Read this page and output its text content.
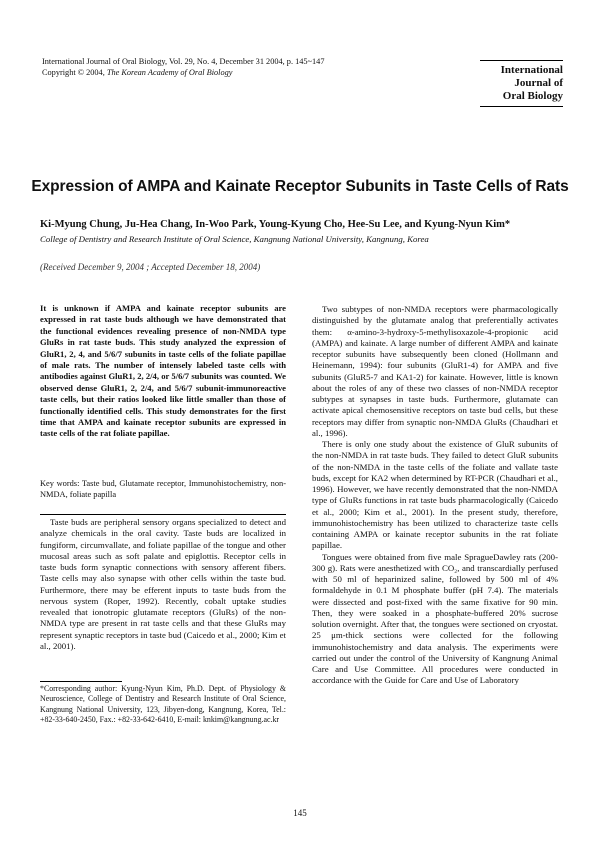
International Journal of Oral Biology, Vol. 29, No. 4, December 31 2004, p. 145~147
Copyright © 2004, The Korean Academy of Oral Biology	International
Journal of
Oral Biology
Expression of AMPA and Kainate Receptor Subunits in Taste Cells of Rats
Ki-Myung Chung, Ju-Hea Chang, In-Woo Park, Young-Kyung Cho, Hee-Su Lee, and Kyung-Nyun Kim*
College of Dentistry and Research Institute of Oral Science, Kangnung National University, Kangnung, Korea
(Received December 9, 2004 ; Accepted December 18, 2004)
It is unknown if AMPA and kainate receptor subunits are expressed in rat taste buds although we have demonstrated that the functional evidences revealing presence of non-NMDA type GluRs in rat taste buds. This study analyzed the expression of GluR1, 2, 4, and 5/6/7 subunits in taste cells of the foliate papillae of male rats. The number of intensely labeled taste cells with antibodies against GluR1, 2, 2/4, or 5/6/7 subunits was counted. We observed dense GluR1, 2, 2/4, and 5/6/7 subunit-immunoreactive taste cells, but their ratios looked like little smaller than those of functionally identified cells. This study demonstrates for the first time that AMPA and kainate receptor subunits are expressed in taste cells of the rat foliate papillae.
Key words: Taste bud, Glutamate receptor, Immunohistochemistry, non-NMDA, foliate papilla

Taste buds are peripheral sensory organs specialized to detect and analyze chemicals in the oral cavity. Taste buds are localized in fungiform, circumvallate, and foliate papillae of the tongue and other mucosal areas such as soft palate and epiglottis. Receptor cells in taste buds form synaptic connections with sensory afferent fibers. Taste cells may also synapse with other cells within the taste bud. Furthermore, there may be efferent inputs to taste buds from the nervous system (Roper, 1992). Recently, cobalt uptake studies revealed that ionotropic glutamate receptors (GluRs) of the non-NMDA type are present in rat taste cells and that these GluRs may represent synaptic receptors in taste bud (Caicedo et al., 2000; Kim et al., 2001).

*Corresponding author: Kyung-Nyun Kim, Ph.D. Dept. of Physiology & Neuroscience, College of Dentistry and Research Institute of Oral Science, Kangnung National University, 123, Jibyen-dong, Kangnung, Korea, Tel.: +82-33-640-2450, Fax.: +82-33-642-6410, E-mail: knkim@kangnung.ac.kr

Two subtypes of non-NMDA receptors were pharmacologically distinguished by the glutamate analog that preferentially activates them: α-amino-3-hydroxy-5-methylisoxazole-4-propionic acid (AMPA) and kainate. A large number of different AMPA and kainate receptor subunits have subsequently been cloned (Hollmann and Heinemann, 1994): four subunits (GluR1-4) for AMPA and five subunits (GluR5-7 and KA1-2) for kainate. However, little is known about the roles of any of these two classes of non-NMDA receptor subtypes at synapses in taste buds. Furthermore, glutamate can activate apical chemosensitive receptors on taste bud cells, but these receptors may differ from synaptic non-NMDA GluRs (Chaudhari et al., 1996).

There is only one study about the existence of GluR subunits of the non-NMDA in rat taste buds. They failed to detect GluR subunits of the non-NMDA in the taste cells of the foliate and vallate taste buds, except for KA2 when determined by RT-PCR (Chaudhari et al., 1996). However, we have recently demonstrated that the non-NMDA type of GluRs functions in rat taste buds pharmacologically (Caicedo et al., 2000; Kim et al., 2001). In the present study, therefore, immunohistochemistry has been utilized to characterize taste cells containing AMPA or kainate receptor subunits in the rat foliate papillae.

Tongues were obtained from five male SpragueDawley rats (200-300 g). Rats were anesthetized with CO₂, and transcardially perfused with 50 ml of heparinized saline, followed by 500 ml of 4% formaldehyde in 0.1 M phosphate buffer (pH 7.4). The materials were dissected and post-fixed with the same fixative for 90 min. Then, they were soaked in a phosphate-buffered 20% sucrose solution overnight. After that, the tongues were sectioned on cryostat. 25 μm-thick sections were collected for the following immunohistochemistry and data analysis. The experiments were carried out under the control of the University of Kangnung Animal Care and Use Committee. All procedures were conducted in accordance with the Guide for Care and Use of Laboratory

145
